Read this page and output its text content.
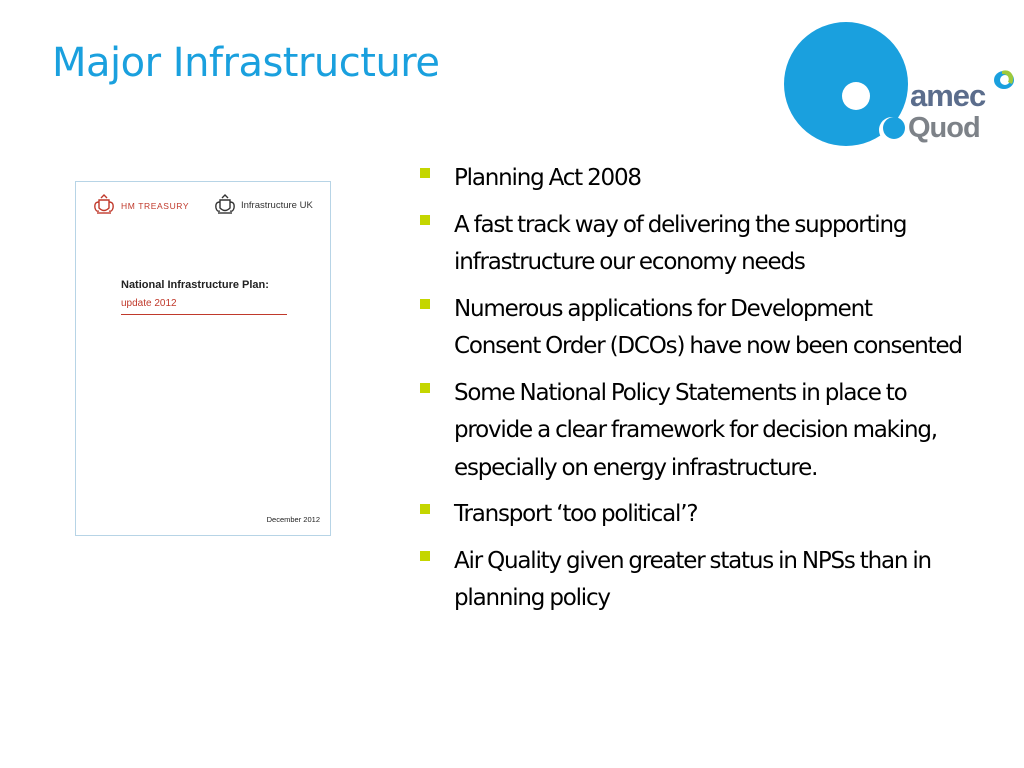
Major Infrastructure
amec
Quod
HM TREASURY	Infrastructure UK
National Infrastructure Plan:
update 2012
December 2012
Planning Act 2008
A fast track way of delivering the supporting infrastructure our economy needs
Numerous applications for Development Consent Order (DCOs) have now been consented
Some National Policy Statements in place to provide a clear framework for decision making, especially on energy infrastructure.
Transport ‘too political’?
Air Quality given greater status in NPSs than in planning policy
